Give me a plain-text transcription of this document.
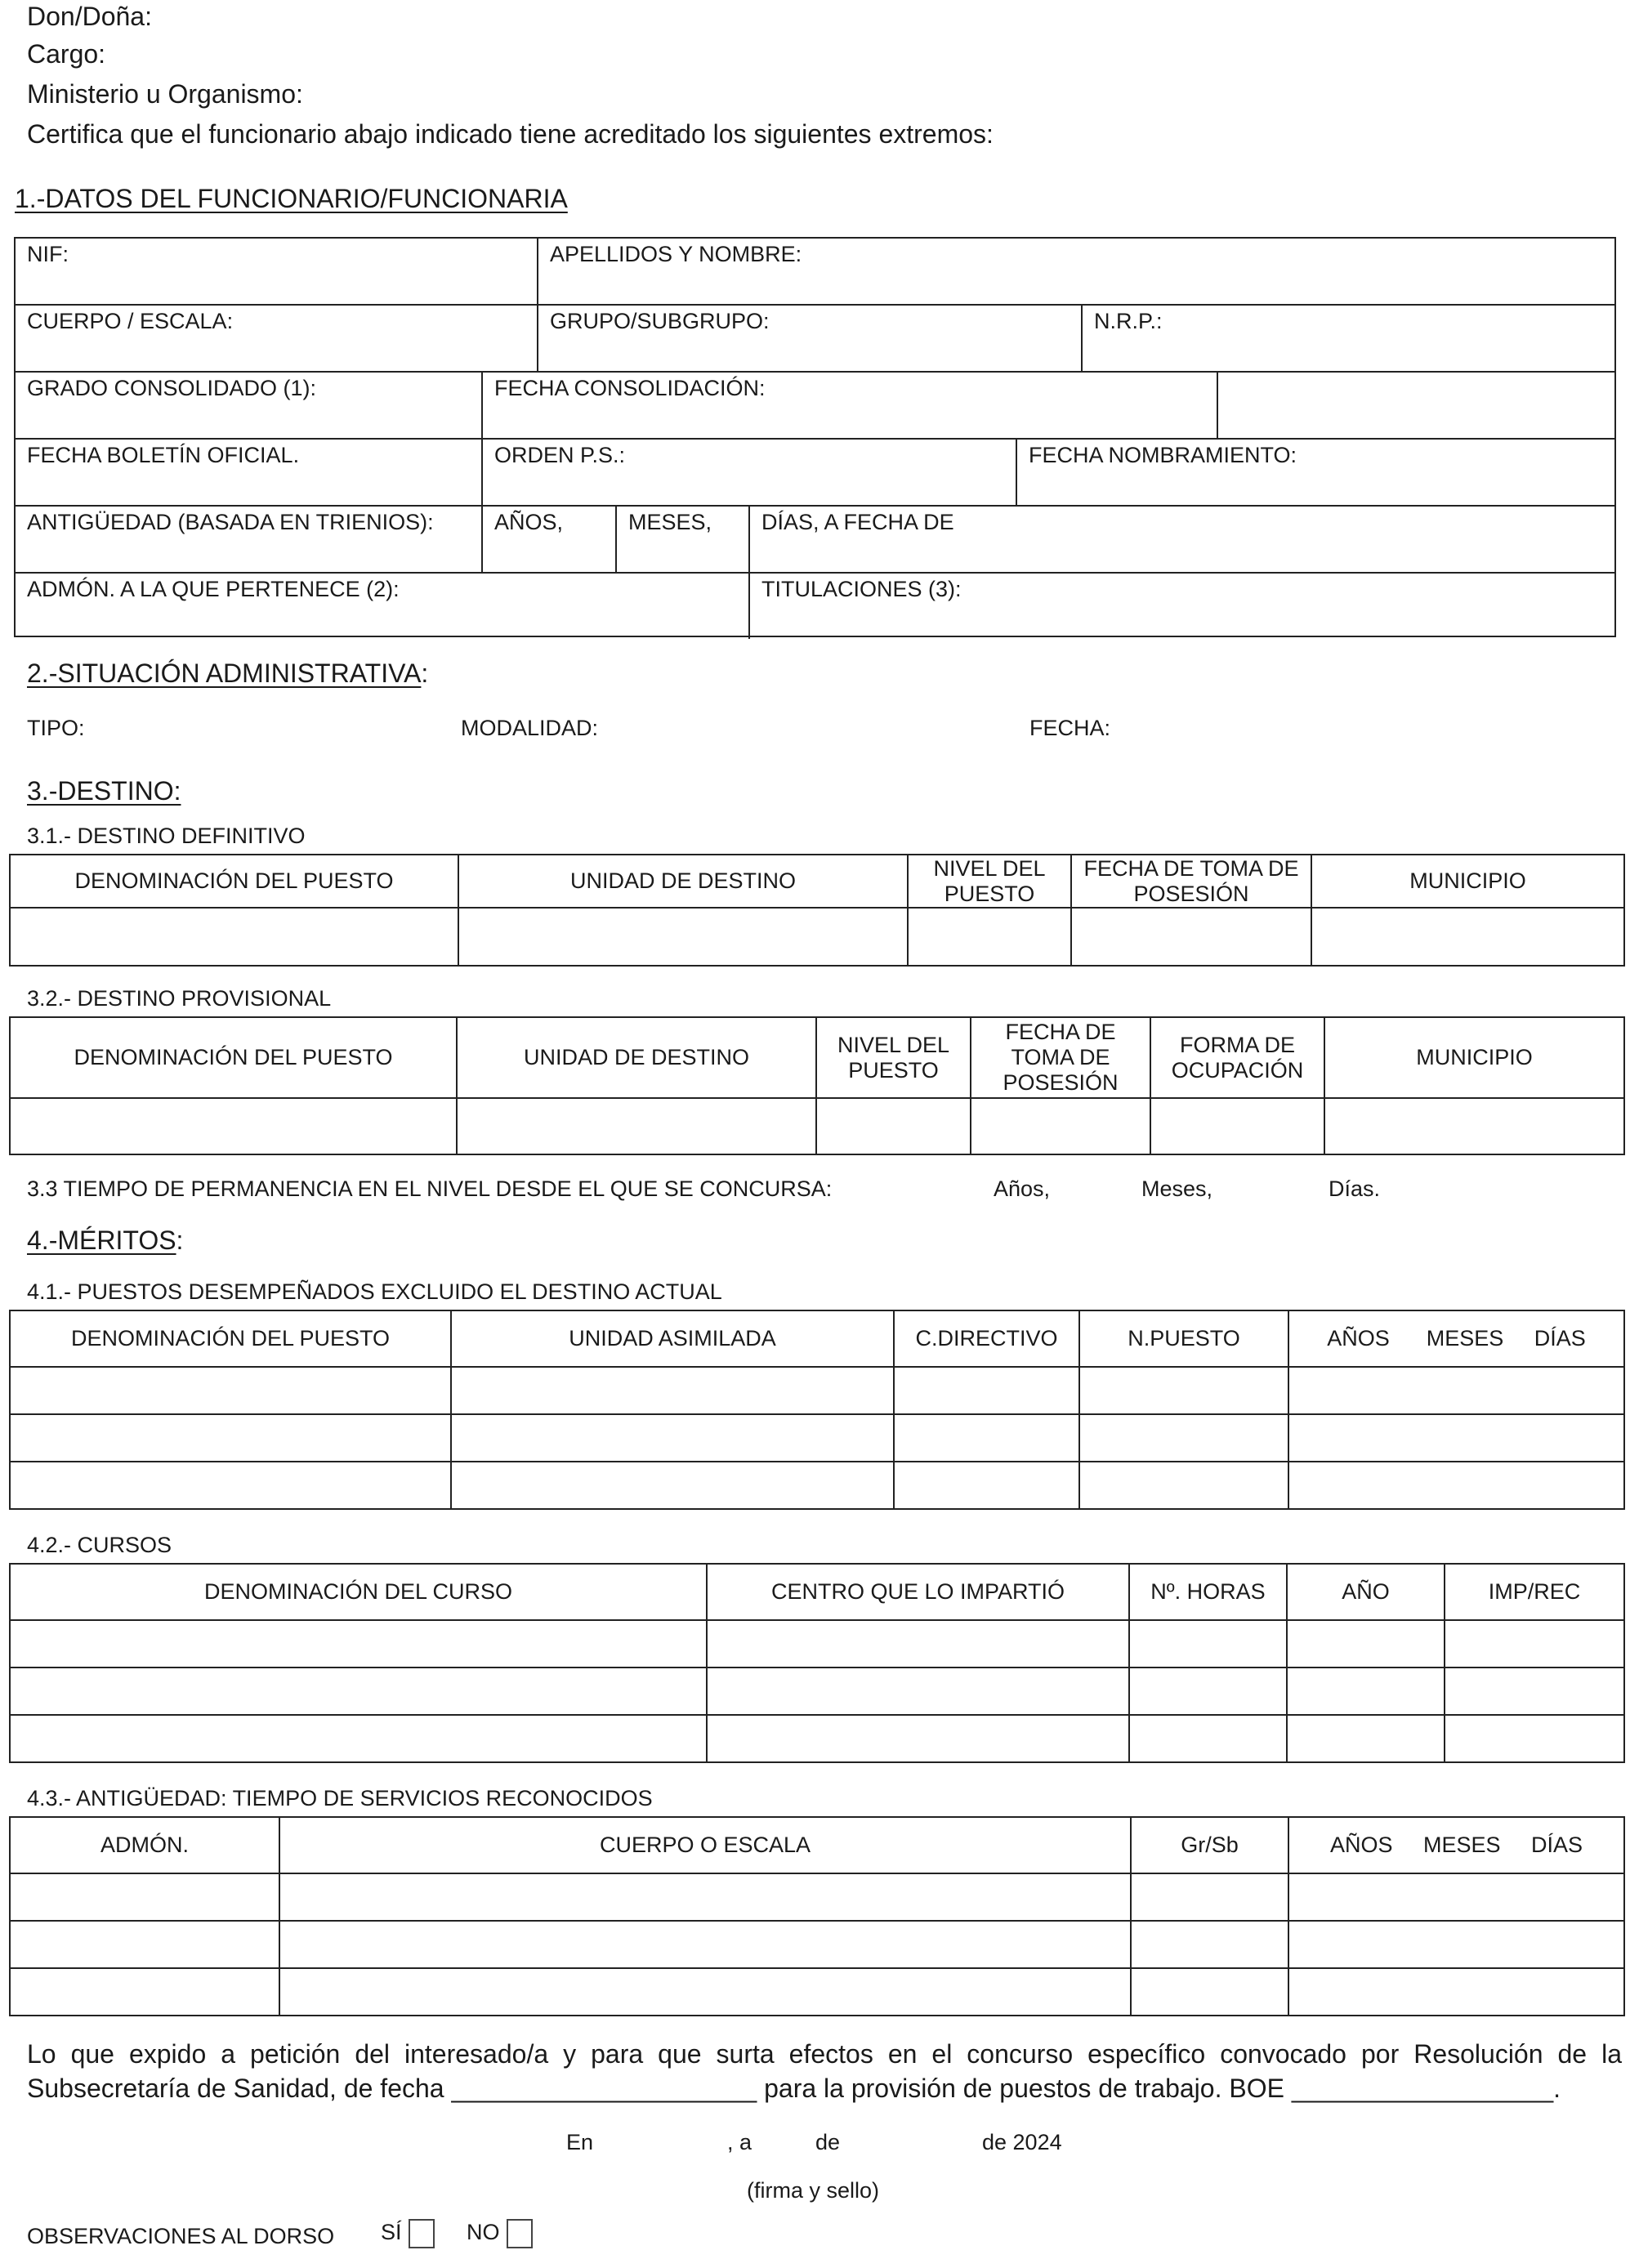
Don/Doña:
Cargo:
Ministerio u Organismo:
Certifica que el funcionario abajo indicado tiene acreditado los siguientes extremos:
1.-DATOS DEL FUNCIONARIO/FUNCIONARIA
NIF:	APELLIDOS Y NOMBRE:
CUERPO / ESCALA:	GRUPO/SUBGRUPO:	N.R.P.:
GRADO CONSOLIDADO (1):	FECHA CONSOLIDACIÓN:
FECHA BOLETÍN OFICIAL.	ORDEN P.S.:	FECHA NOMBRAMIENTO:
ANTIGÜEDAD (BASADA EN TRIENIOS):	AÑOS,	MESES,	DÍAS, A FECHA DE
ADMÓN. A LA QUE PERTENECE (2):	TITULACIONES (3):
2.-SITUACIÓN ADMINISTRATIVA:
TIPO:	MODALIDAD:	FECHA:
3.-DESTINO:
3.1.- DESTINO DEFINITIVO
DENOMINACIÓN DEL PUESTO	UNIDAD DE DESTINO	NIVEL DEL PUESTO	FECHA DE TOMA DE POSESIÓN	MUNICIPIO

3.2.- DESTINO PROVISIONAL
DENOMINACIÓN DEL PUESTO	UNIDAD DE DESTINO	NIVEL DEL PUESTO	FECHA DE TOMA DE POSESIÓN	FORMA DE OCUPACIÓN	MUNICIPIO

3.3 TIEMPO DE PERMANENCIA EN EL NIVEL DESDE EL QUE SE CONCURSA:	Años,	Meses,	Días.
4.-MÉRITOS:
4.1.- PUESTOS DESEMPEÑADOS EXCLUIDO EL DESTINO ACTUAL
DENOMINACIÓN DEL PUESTO	UNIDAD ASIMILADA	C.DIRECTIVO	N.PUESTO	AÑOS      MESES     DÍAS

4.2.- CURSOS
DENOMINACIÓN DEL CURSO	CENTRO QUE LO IMPARTIÓ	Nº. HORAS	AÑO	IMP/REC

4.3.- ANTIGÜEDAD: TIEMPO DE SERVICIOS RECONOCIDOS
ADMÓN.	CUERPO O ESCALA	Gr/Sb	AÑOS     MESES     DÍAS

Lo que expido a petición del interesado/a y para que surta efectos en el concurso específico convocado por Resolución de la Subsecretaría de Sanidad, de fecha _____________________ para la provisión de puestos de trabajo. BOE __________________.
En	, a	de	de 2024
(firma y sello)
OBSERVACIONES AL DORSO SÍ	NO
